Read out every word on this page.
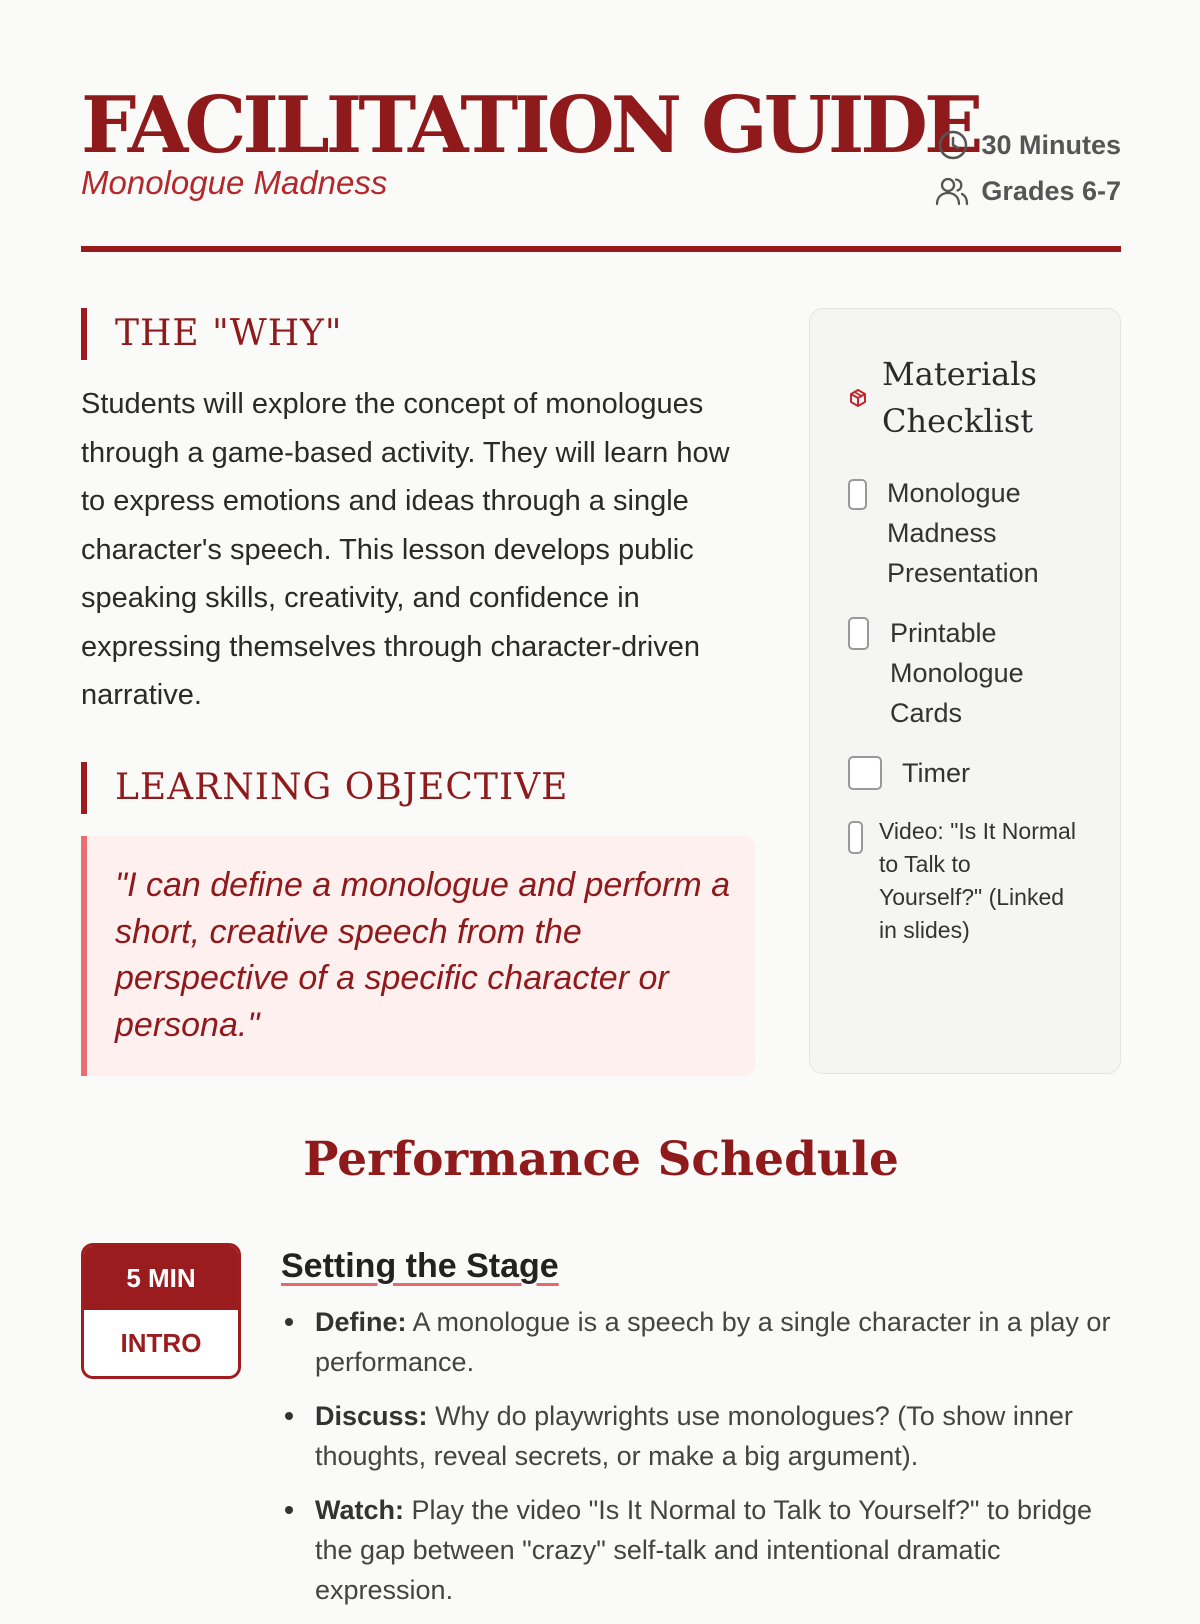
FACILITATION GUIDE
Monologue Madness
30 Minutes
Grades 6-7
THE "WHY"

Students will explore the concept of monologues through a game-based activity. They will learn how to express emotions and ideas through a single character's speech. This lesson develops public speaking skills, creativity, and confidence in expressing themselves through character-driven narrative.

LEARNING OBJECTIVE

"I can define a monologue and perform a short, creative speech from the perspective of a specific character or persona."

Materials Checklist
Monologue Madness Presentation
Printable Monologue Cards
Timer
Video: "Is It Normal to Talk to Yourself?" (Linked in slides)
Performance Schedule
5 MIN
INTRO
Setting the Stage
Define: A monologue is a speech by a single character in a play or performance.
Discuss: Why do playwrights use monologues? (To show inner thoughts, reveal secrets, or make a big argument).
Watch: Play the video "Is It Normal to Talk to Yourself?" to bridge the gap between "crazy" self-talk and intentional dramatic expression.
